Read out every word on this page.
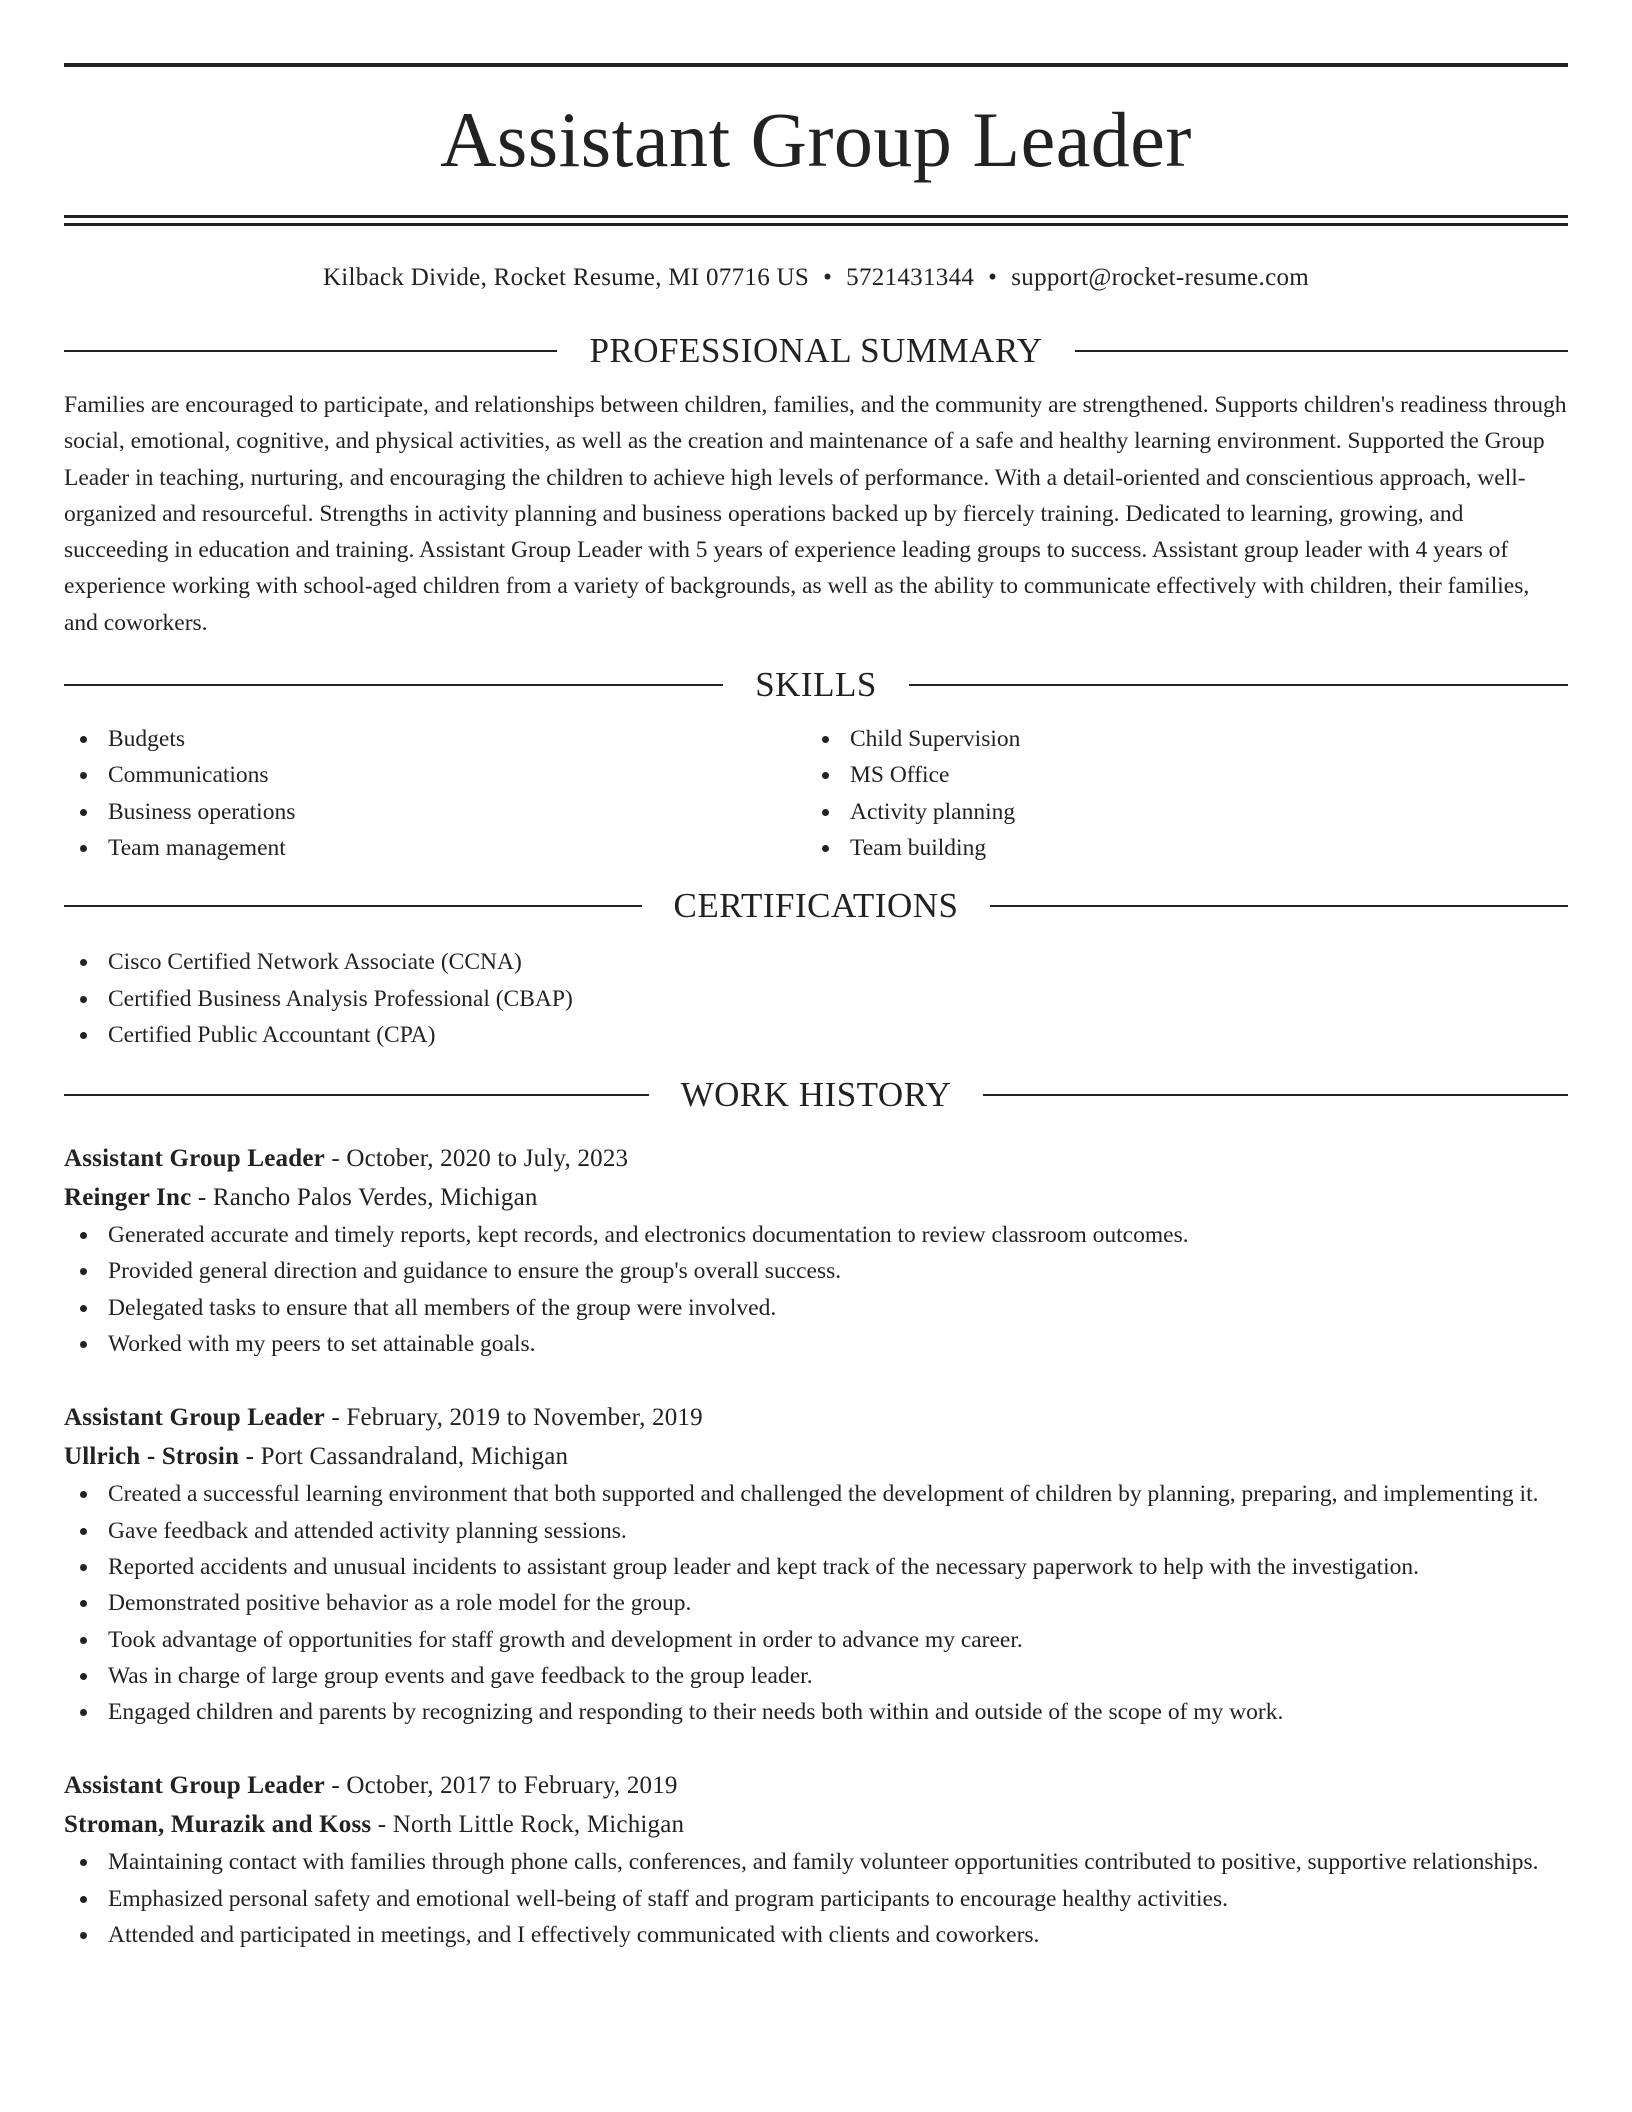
Assistant Group Leader
Kilback Divide, Rocket Resume, MI 07716 US • 5721431344 • support@rocket-resume.com
PROFESSIONAL SUMMARY

Families are encouraged to participate, and relationships between children, families, and the community are strengthened. Supports children's readiness through social, emotional, cognitive, and physical activities, as well as the creation and maintenance of a safe and healthy learning environment. Supported the Group Leader in teaching, nurturing, and encouraging the children to achieve high levels of performance. With a detail-oriented and conscientious approach, well-organized and resourceful. Strengths in activity planning and business operations backed up by fiercely training. Dedicated to learning, growing, and succeeding in education and training. Assistant Group Leader with 5 years of experience leading groups to success. Assistant group leader with 4 years of experience working with school-aged children from a variety of backgrounds, as well as the ability to communicate effectively with children, their families, and coworkers.

SKILLS
Budgets
Communications
Business operations
Team management
Child Supervision
MS Office
Activity planning
Team building
CERTIFICATIONS
Cisco Certified Network Associate (CCNA)
Certified Business Analysis Professional (CBAP)
Certified Public Accountant (CPA)
WORK HISTORY
Assistant Group Leader - October, 2020 to July, 2023
Reinger Inc - Rancho Palos Verdes, Michigan
Generated accurate and timely reports, kept records, and electronics documentation to review classroom outcomes.
Provided general direction and guidance to ensure the group's overall success.
Delegated tasks to ensure that all members of the group were involved.
Worked with my peers to set attainable goals.
Assistant Group Leader - February, 2019 to November, 2019
Ullrich - Strosin - Port Cassandraland, Michigan
Created a successful learning environment that both supported and challenged the development of children by planning, preparing, and implementing it.
Gave feedback and attended activity planning sessions.
Reported accidents and unusual incidents to assistant group leader and kept track of the necessary paperwork to help with the investigation.
Demonstrated positive behavior as a role model for the group.
Took advantage of opportunities for staff growth and development in order to advance my career.
Was in charge of large group events and gave feedback to the group leader.
Engaged children and parents by recognizing and responding to their needs both within and outside of the scope of my work.
Assistant Group Leader - October, 2017 to February, 2019
Stroman, Murazik and Koss - North Little Rock, Michigan
Maintaining contact with families through phone calls, conferences, and family volunteer opportunities contributed to positive, supportive relationships.
Emphasized personal safety and emotional well-being of staff and program participants to encourage healthy activities.
Attended and participated in meetings, and I effectively communicated with clients and coworkers.
